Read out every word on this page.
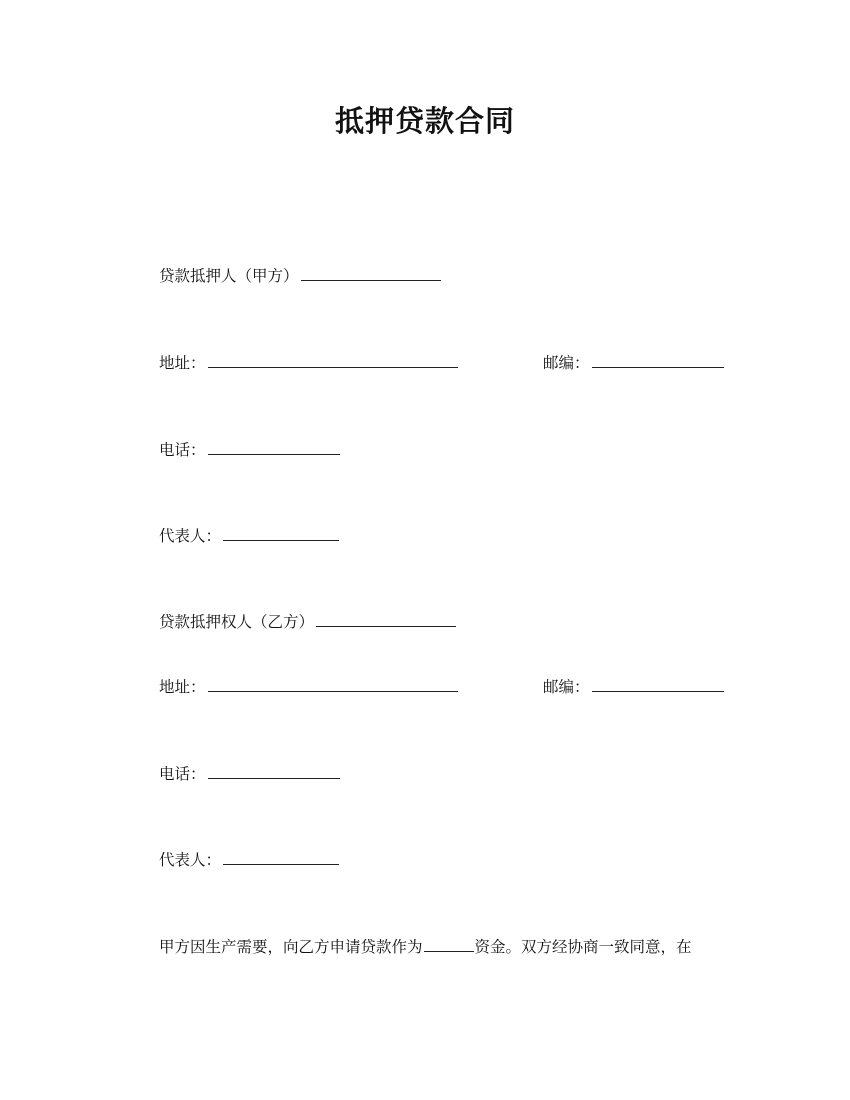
抵押贷款合同
贷款抵押人（甲方）
地址：	邮编：
电话：
代表人：
贷款抵押权人（乙方）
地址：	邮编：
电话：
代表人：
甲方因生产需要，向乙方申请贷款作为	资金。双方经协商一致同意，在
